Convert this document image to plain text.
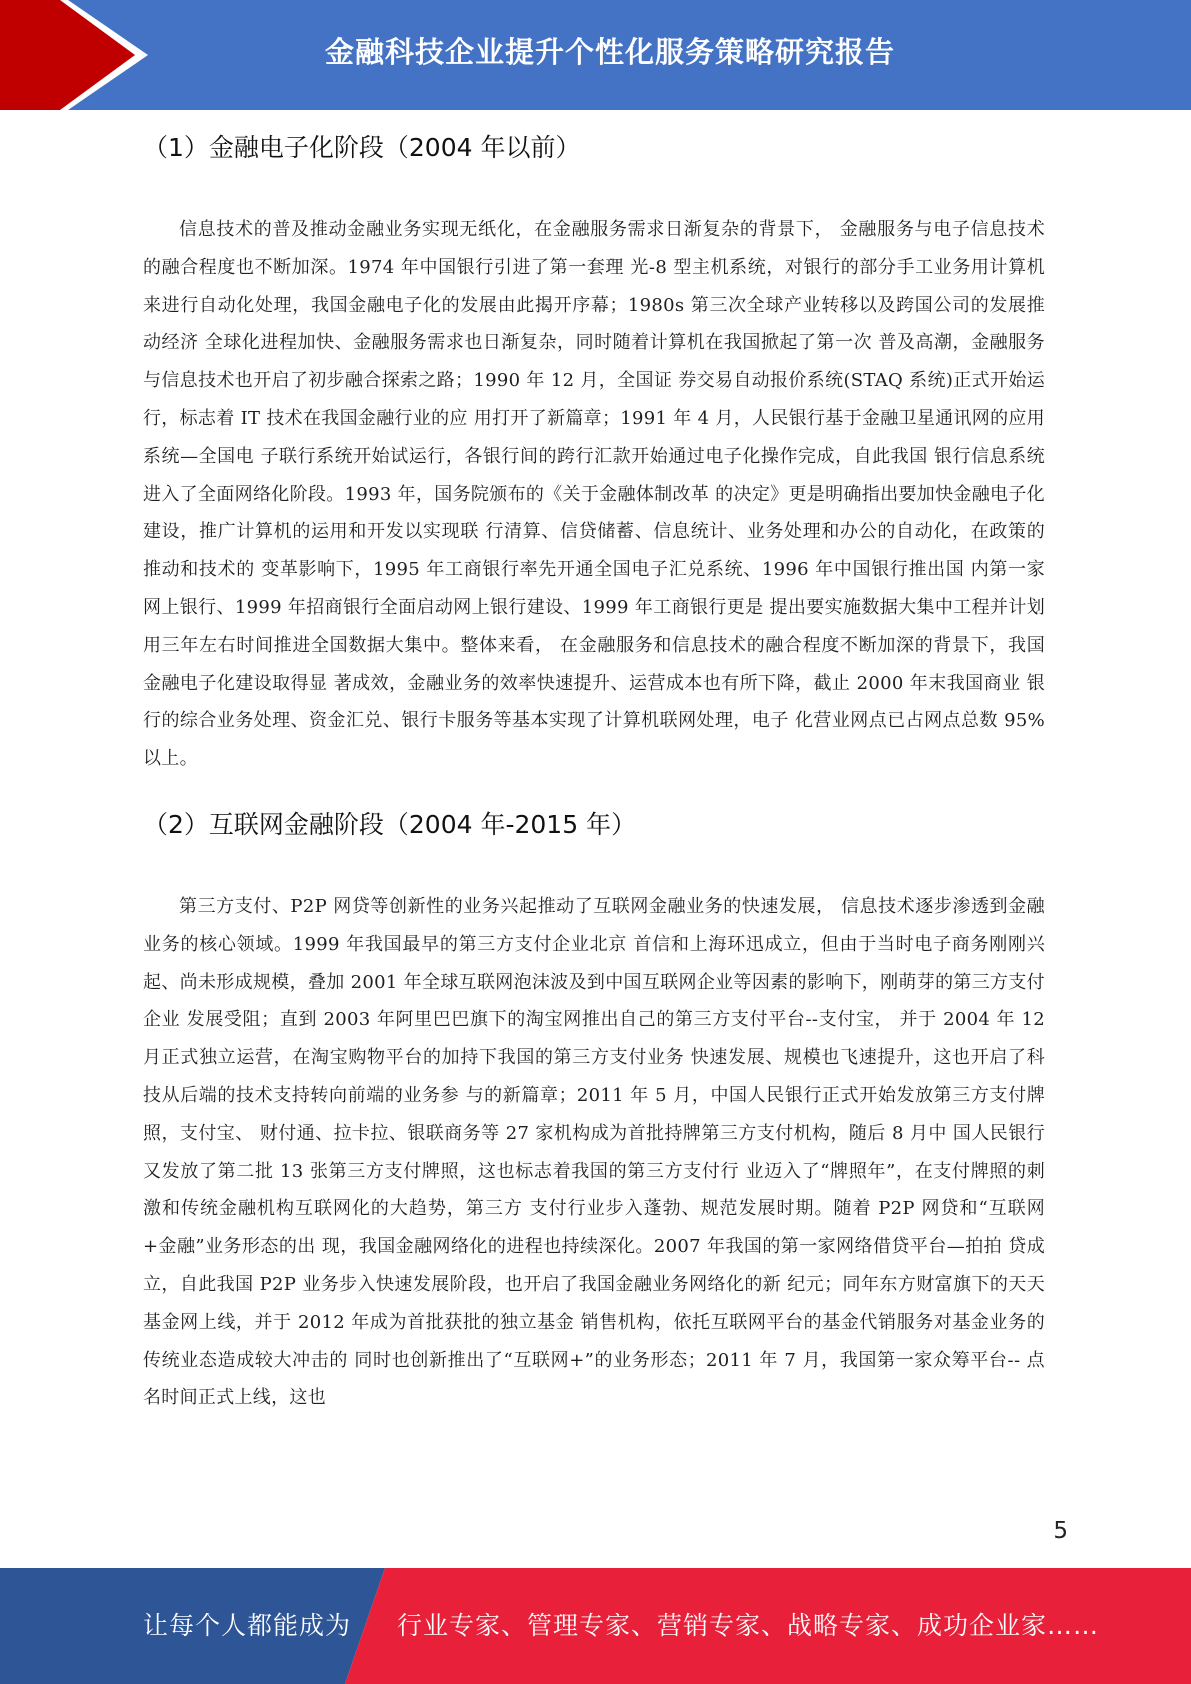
金融科技企业提升个性化服务策略研究报告
（1）金融电子化阶段（2004 年以前）

信息技术的普及推动金融业务实现无纸化，在金融服务需求日渐复杂的背景下， 金融服务与电子信息技术的融合程度也不断加深。1974 年中国银行引进了第一套理 光-8 型主机系统，对银行的部分手工业务用计算机来进行自动化处理，我国金融电子化的发展由此揭开序幕；1980s 第三次全球产业转移以及跨国公司的发展推动经济 全球化进程加快、金融服务需求也日渐复杂，同时随着计算机在我国掀起了第一次 普及高潮，金融服务与信息技术也开启了初步融合探索之路；1990 年 12 月，全国证 券交易自动报价系统(STAQ 系统)正式开始运行，标志着 IT 技术在我国金融行业的应 用打开了新篇章；1991 年 4 月，人民银行基于金融卫星通讯网的应用系统—全国电 子联行系统开始试运行，各银行间的跨行汇款开始通过电子化操作完成，自此我国 银行信息系统进入了全面网络化阶段。1993 年，国务院颁布的《关于金融体制改革 的决定》更是明确指出要加快金融电子化建设，推广计算机的运用和开发以实现联 行清算、信贷储蓄、信息统计、业务处理和办公的自动化，在政策的推动和技术的 变革影响下，1995 年工商银行率先开通全国电子汇兑系统、1996 年中国银行推出国 内第一家网上银行、1999 年招商银行全面启动网上银行建设、1999 年工商银行更是 提出要实施数据大集中工程并计划用三年左右时间推进全国数据大集中。整体来看， 在金融服务和信息技术的融合程度不断加深的背景下，我国金融电子化建设取得显 著成效，金融业务的效率快速提升、运营成本也有所下降，截止 2000 年末我国商业 银行的综合业务处理、资金汇兑、银行卡服务等基本实现了计算机联网处理，电子 化营业网点已占网点总数 95%以上。

（2）互联网金融阶段（2004 年-2015 年）

第三方支付、P2P 网贷等创新性的业务兴起推动了互联网金融业务的快速发展， 信息技术逐步渗透到金融业务的核心领域。1999 年我国最早的第三方支付企业北京 首信和上海环迅成立，但由于当时电子商务刚刚兴起、尚未形成规模，叠加 2001 年全球互联网泡沫波及到中国互联网企业等因素的影响下，刚萌芽的第三方支付企业 发展受阻；直到 2003 年阿里巴巴旗下的淘宝网推出自己的第三方支付平台--支付宝， 并于 2004 年 12 月正式独立运营，在淘宝购物平台的加持下我国的第三方支付业务 快速发展、规模也飞速提升，这也开启了科技从后端的技术支持转向前端的业务参 与的新篇章；2011 年 5 月，中国人民银行正式开始发放第三方支付牌照，支付宝、 财付通、拉卡拉、银联商务等 27 家机构成为首批持牌第三方支付机构，随后 8 月中 国人民银行又发放了第二批 13 张第三方支付牌照，这也标志着我国的第三方支付行 业迈入了“牌照年”，在支付牌照的刺激和传统金融机构互联网化的大趋势，第三方 支付行业步入蓬勃、规范发展时期。随着 P2P 网贷和“互联网+金融”业务形态的出 现，我国金融网络化的进程也持续深化。2007 年我国的第一家网络借贷平台—拍拍 贷成立，自此我国 P2P 业务步入快速发展阶段，也开启了我国金融业务网络化的新 纪元；同年东方财富旗下的天天基金网上线，并于 2012 年成为首批获批的独立基金 销售机构，依托互联网平台的基金代销服务对基金业务的传统业态造成较大冲击的 同时也创新推出了“互联网+”的业务形态；2011 年 7 月，我国第一家众筹平台-- 点名时间正式上线，这也

5
让每个人都能成为 行业专家、管理专家、营销专家、战略专家、成功企业家……
